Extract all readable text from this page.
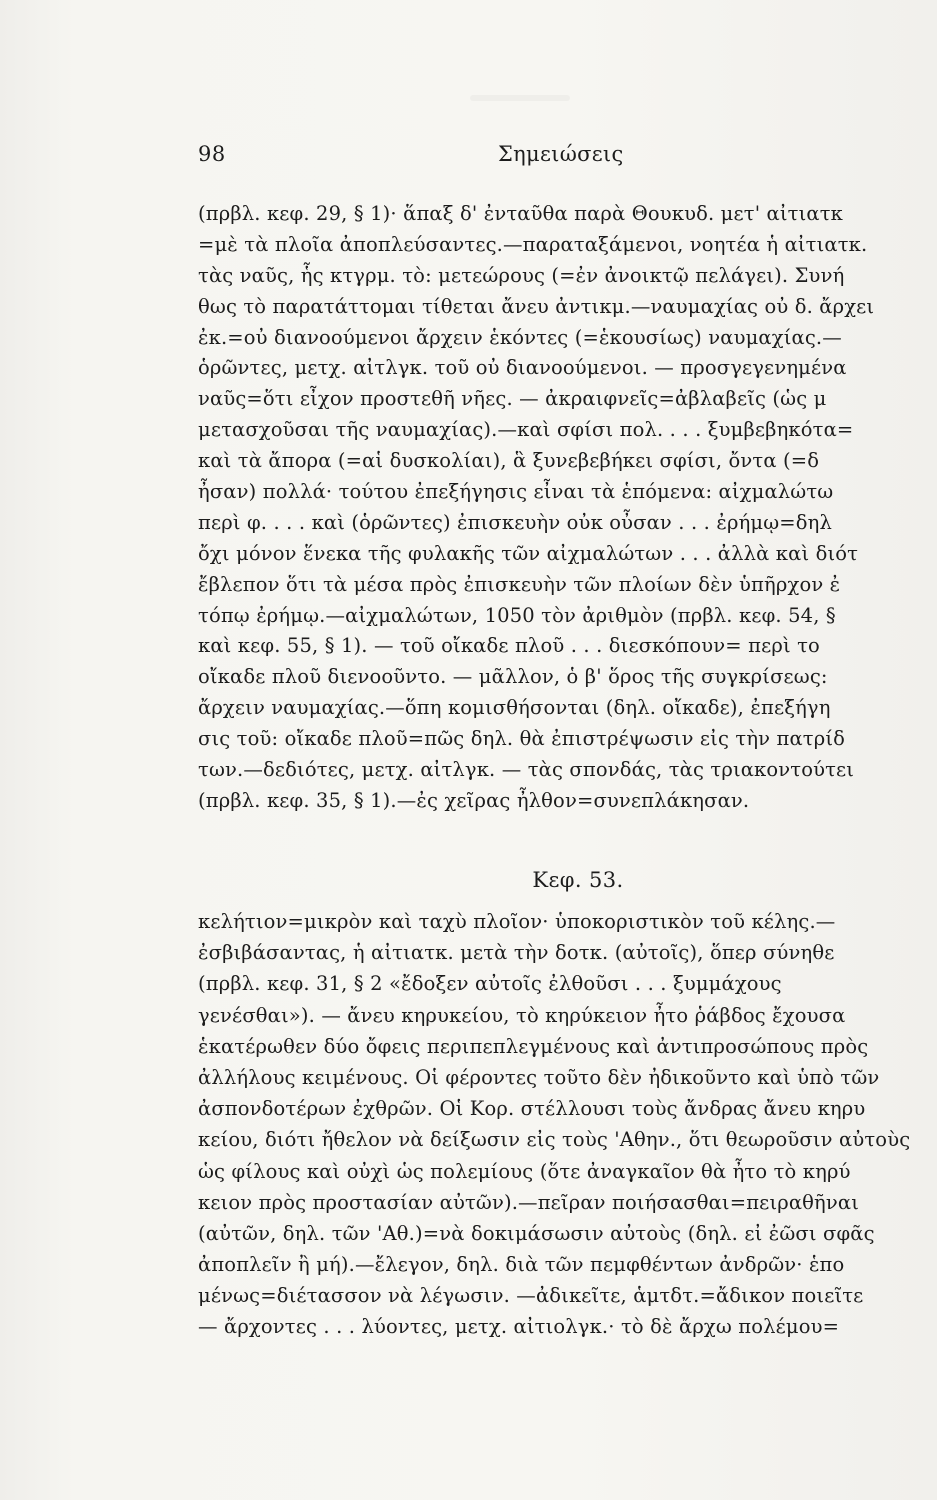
98	Σημειώσεις
(πρβλ. κεφ. 29, § 1)· ἅπαξ δ' ἐνταῦθα παρὰ Θουκυδ. μετ' αἰτιατκ
=μὲ τὰ πλοῖα ἀποπλεύσαντες.—παραταξάμενοι, νοητέα ἡ αἰτιατκ.
τὰς ναῦς, ἧς κτγρμ. τὸ: μετεώρους (=ἐν ἀνοικτῷ πελάγει). Συνή
θως τὸ παρατάττομαι τίθεται ἄνευ ἀντικμ.—ναυμαχίας οὐ δ. ἄρχει
ἐκ.=οὐ διανοούμενοι ἄρχειν ἑκόντες (=ἑκουσίως) ναυμαχίας.—
ὁρῶντες, μετχ. αἰτλγκ. τοῦ οὐ διανοούμενοι. — προσγεγενημένα
ναῦς=ὅτι εἶχον προστεθῆ νῆες. — ἀκραιφνεῖς=ἀβλαβεῖς (ὡς μ
μετασχοῦσαι τῆς ναυμαχίας).—καὶ σφίσι πολ. . . . ξυμβεβηκότα=
καὶ τὰ ἄπορα (=αἱ δυσκολίαι), ἃ ξυνεβεβήκει σφίσι, ὄντα (=δ
ἦσαν) πολλά· τούτου ἐπεξήγησις εἶναι τὰ ἑπόμενα: αἰχμαλώτω
περὶ φ. . . . καὶ (ὁρῶντες) ἐπισκευὴν οὐκ οὖσαν . . . ἐρήμῳ=δηλ
ὄχι μόνον ἕνεκα τῆς φυλακῆς τῶν αἰχμαλώτων . . . ἀλλὰ καὶ διότ
ἔβλεπον ὅτι τὰ μέσα πρὸς ἐπισκευὴν τῶν πλοίων δὲν ὑπῆρχον ἐ
τόπῳ ἐρήμῳ.—αἰχμαλώτων, 1050 τὸν ἀριθμὸν (πρβλ. κεφ. 54, §
καὶ κεφ. 55, § 1). — τοῦ οἴκαδε πλοῦ . . . διεσκόπουν= περὶ το
οἴκαδε πλοῦ διενοοῦντο. — μᾶλλον, ὁ β' ὅρος τῆς συγκρίσεως:
ἄρχειν ναυμαχίας.—ὅπη κομισθήσονται (δηλ. οἴκαδε), ἐπεξήγη
σις τοῦ: οἴκαδε πλοῦ=πῶς δηλ. θὰ ἐπιστρέψωσιν εἰς τὴν πατρίδ
των.—δεδιότες, μετχ. αἰτλγκ. — τὰς σπονδάς, τὰς τριακοντούτει
(πρβλ. κεφ. 35, § 1).—ἐς χεῖρας ἦλθον=συνεπλάκησαν.
Κεφ. 53.
κελήτιον=μικρὸν καὶ ταχὺ πλοῖον· ὑποκοριστικὸν τοῦ κέλης.—
ἐσβιβάσαντας, ἡ αἰτιατκ. μετὰ τὴν δοτκ. (αὐτοῖς), ὅπερ σύνηθε
(πρβλ. κεφ. 31, § 2 «ἔδοξεν αὐτοῖς ἐλθοῦσι . . . ξυμμάχους
γενέσθαι»). — ἄνευ κηρυκείου, τὸ κηρύκειον ἦτο ῥάβδος ἔχουσα
ἑκατέρωθεν δύο ὄφεις περιπεπλεγμένους καὶ ἀντιπροσώπους πρὸς
ἀλλήλους κειμένους. Οἱ φέροντες τοῦτο δὲν ἠδικοῦντο καὶ ὑπὸ τῶν
ἀσπονδοτέρων ἐχθρῶν. Οἱ Κορ. στέλλουσι τοὺς ἄνδρας ἄνευ κηρυ
κείου, διότι ἤθελον νὰ δείξωσιν εἰς τοὺς 'Αθην., ὅτι θεωροῦσιν αὐτοὺς
ὡς φίλους καὶ οὐχὶ ὡς πολεμίους (ὅτε ἀναγκαῖον θὰ ἦτο τὸ κηρύ
κειον πρὸς προστασίαν αὐτῶν).—πεῖραν ποιήσασθαι=πειραθῆναι
(αὐτῶν, δηλ. τῶν 'Αθ.)=νὰ δοκιμάσωσιν αὐτοὺς (δηλ. εἰ ἐῶσι σφᾶς
ἀποπλεῖν ἢ μή).—ἔλεγον, δηλ. διὰ τῶν πεμφθέντων ἀνδρῶν· ἑπο
μένως=διέτασσον νὰ λέγωσιν. —ἀδικεῖτε, ἁμτδτ.=ἄδικον ποιεῖτε
— ἄρχοντες . . . λύοντες, μετχ. αἰτιολγκ.· τὸ δὲ ἄρχω πολέμου=
